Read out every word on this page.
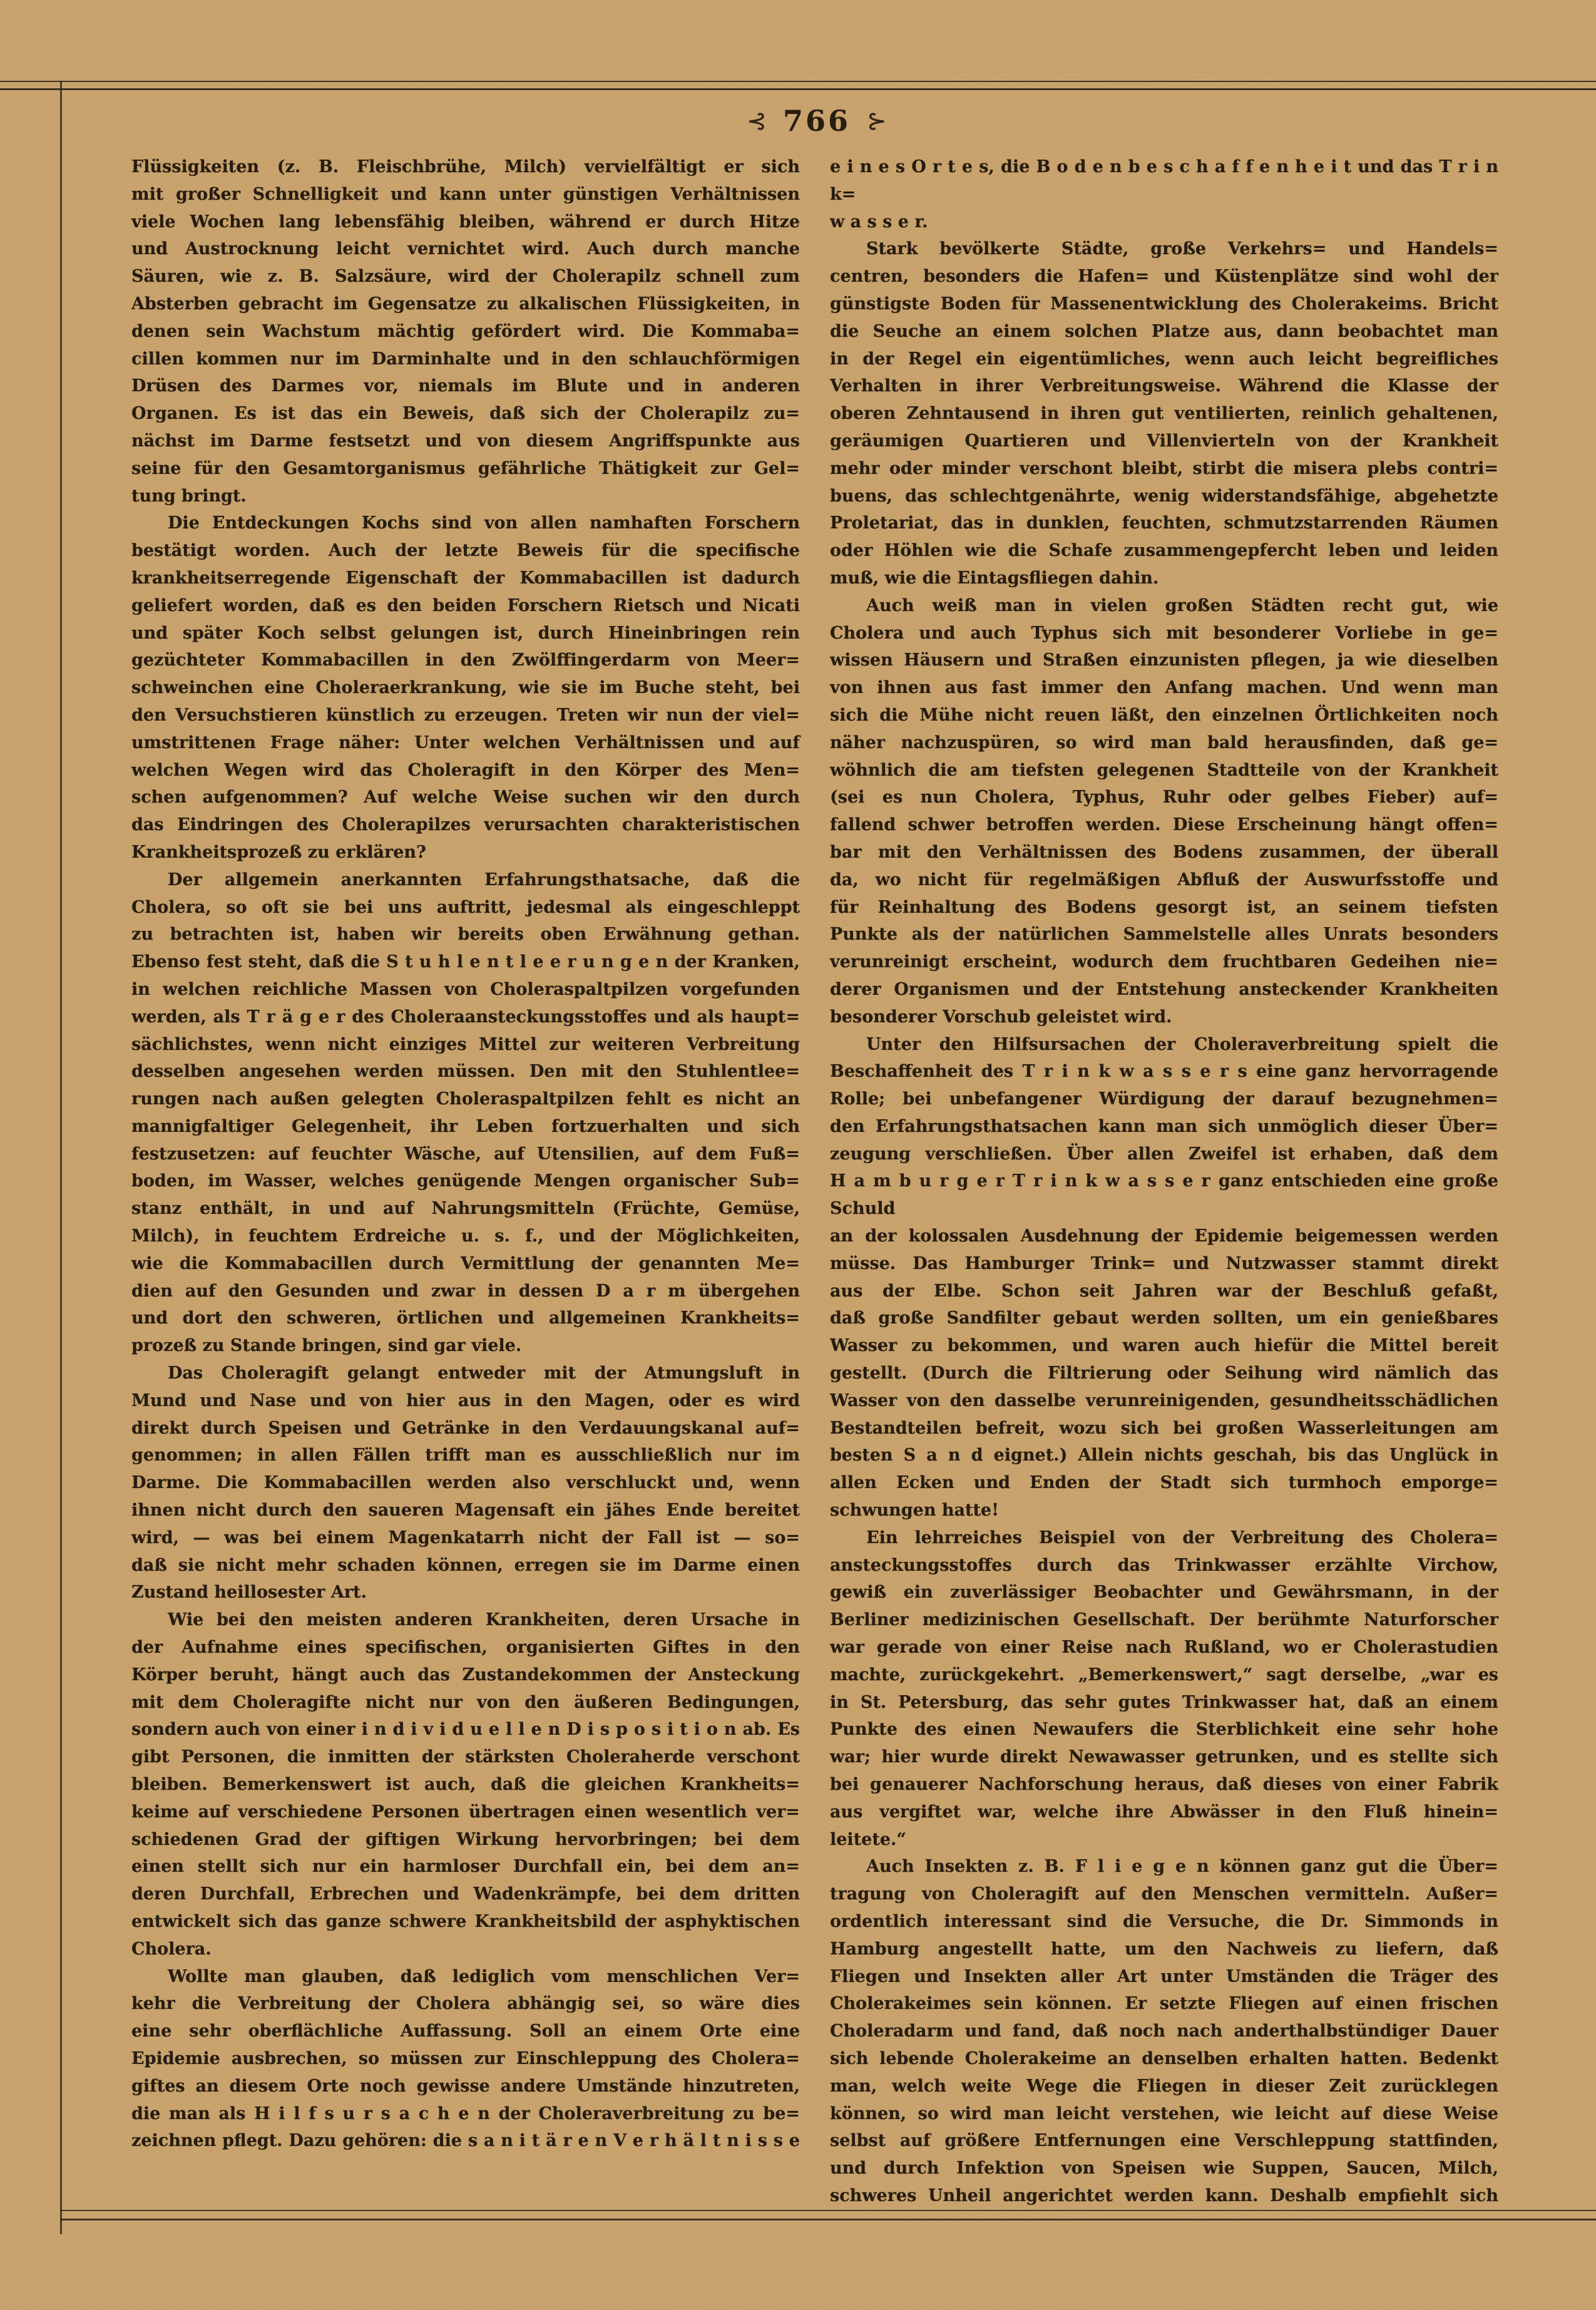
⊰ 766 ⊱
Flüssigkeiten (z. B. Fleischbrühe, Milch) vervielfältigt er sich
mit großer Schnelligkeit und kann unter günstigen Verhältnissen
viele Wochen lang lebensfähig bleiben, während er durch Hitze
und Austrocknung leicht vernichtet wird. Auch durch manche
Säuren, wie z. B. Salzsäure, wird der Cholerapilz schnell zum
Absterben gebracht im Gegensatze zu alkalischen Flüssigkeiten, in
denen sein Wachstum mächtig gefördert wird. Die Kommaba=
cillen kommen nur im Darminhalte und in den schlauchförmigen
Drüsen des Darmes vor, niemals im Blute und in anderen
Organen. Es ist das ein Beweis, daß sich der Cholerapilz zu=
nächst im Darme festsetzt und von diesem Angriffspunkte aus
seine für den Gesamtorganismus gefährliche Thätigkeit zur Gel=
tung bringt.
Die Entdeckungen Kochs sind von allen namhaften Forschern
bestätigt worden. Auch der letzte Beweis für die specifische
krankheitserregende Eigenschaft der Kommabacillen ist dadurch
geliefert worden, daß es den beiden Forschern Rietsch und Nicati
und später Koch selbst gelungen ist, durch Hineinbringen rein
gezüchteter Kommabacillen in den Zwölffingerdarm von Meer=
schweinchen eine Choleraerkrankung, wie sie im Buche steht, bei
den Versuchstieren künstlich zu erzeugen. Treten wir nun der viel=
umstrittenen Frage näher: Unter welchen Verhältnissen und auf
welchen Wegen wird das Choleragift in den Körper des Men=
schen aufgenommen? Auf welche Weise suchen wir den durch
das Eindringen des Cholerapilzes verursachten charakteristischen
Krankheitsprozeß zu erklären?
Der allgemein anerkannten Erfahrungsthatsache, daß die
Cholera, so oft sie bei uns auftritt, jedesmal als eingeschleppt
zu betrachten ist, haben wir bereits oben Erwähnung gethan.
Ebenso fest steht, daß die S t u h l e n t l e e r u n g e n der Kranken,
in welchen reichliche Massen von Choleraspaltpilzen vorgefunden
werden, als T r ä g e r des Choleraansteckungsstoffes und als haupt=
sächlichstes, wenn nicht einziges Mittel zur weiteren Verbreitung
desselben angesehen werden müssen. Den mit den Stuhlentlee=
rungen nach außen gelegten Choleraspaltpilzen fehlt es nicht an
mannigfaltiger Gelegenheit, ihr Leben fortzuerhalten und sich
festzusetzen: auf feuchter Wäsche, auf Utensilien, auf dem Fuß=
boden, im Wasser, welches genügende Mengen organischer Sub=
stanz enthält, in und auf Nahrungsmitteln (Früchte, Gemüse,
Milch), in feuchtem Erdreiche u. s. f., und der Möglichkeiten,
wie die Kommabacillen durch Vermittlung der genannten Me=
dien auf den Gesunden und zwar in dessen D a r m übergehen
und dort den schweren, örtlichen und allgemeinen Krankheits=
prozeß zu Stande bringen, sind gar viele.
Das Choleragift gelangt entweder mit der Atmungsluft in
Mund und Nase und von hier aus in den Magen, oder es wird
direkt durch Speisen und Getränke in den Verdauungskanal auf=
genommen; in allen Fällen trifft man es ausschließlich nur im
Darme. Die Kommabacillen werden also verschluckt und, wenn
ihnen nicht durch den saueren Magensaft ein jähes Ende bereitet
wird, — was bei einem Magenkatarrh nicht der Fall ist — so=
daß sie nicht mehr schaden können, erregen sie im Darme einen
Zustand heillosester Art.
Wie bei den meisten anderen Krankheiten, deren Ursache in
der Aufnahme eines specifischen, organisierten Giftes in den
Körper beruht, hängt auch das Zustandekommen der Ansteckung
mit dem Choleragifte nicht nur von den äußeren Bedingungen,
sondern auch von einer i n d i v i d u e l l e n D i s p o s i t i o n ab. Es
gibt Personen, die inmitten der stärksten Choleraherde verschont
bleiben. Bemerkenswert ist auch, daß die gleichen Krankheits=
keime auf verschiedene Personen übertragen einen wesentlich ver=
schiedenen Grad der giftigen Wirkung hervorbringen; bei dem
einen stellt sich nur ein harmloser Durchfall ein, bei dem an=
deren Durchfall, Erbrechen und Wadenkrämpfe, bei dem dritten
entwickelt sich das ganze schwere Krankheitsbild der asphyktischen
Cholera.
Wollte man glauben, daß lediglich vom menschlichen Ver=
kehr die Verbreitung der Cholera abhängig sei, so wäre dies
eine sehr oberflächliche Auffassung. Soll an einem Orte eine
Epidemie ausbrechen, so müssen zur Einschleppung des Cholera=
giftes an diesem Orte noch gewisse andere Umstände hinzutreten,
die man als H i l f s u r s a c h e n der Choleraverbreitung zu be=
zeichnen pflegt. Dazu gehören: die s a n i t ä r e n V e r h ä l t n i s s e
e i n e s O r t e s, die B o d e n b e s c h a f f e n h e i t und das T r i n k=
w a s s e r.
Stark bevölkerte Städte, große Verkehrs= und Handels=
centren, besonders die Hafen= und Küstenplätze sind wohl der
günstigste Boden für Massenentwicklung des Cholerakeims. Bricht
die Seuche an einem solchen Platze aus, dann beobachtet man
in der Regel ein eigentümliches, wenn auch leicht begreifliches
Verhalten in ihrer Verbreitungsweise. Während die Klasse der
oberen Zehntausend in ihren gut ventilierten, reinlich gehaltenen,
geräumigen Quartieren und Villenvierteln von der Krankheit
mehr oder minder verschont bleibt, stirbt die misera plebs contri=
buens, das schlechtgenährte, wenig widerstandsfähige, abgehetzte
Proletariat, das in dunklen, feuchten, schmutzstarrenden Räumen
oder Höhlen wie die Schafe zusammengepfercht leben und leiden
muß, wie die Eintagsfliegen dahin.
Auch weiß man in vielen großen Städten recht gut, wie
Cholera und auch Typhus sich mit besonderer Vorliebe in ge=
wissen Häusern und Straßen einzunisten pflegen, ja wie dieselben
von ihnen aus fast immer den Anfang machen. Und wenn man
sich die Mühe nicht reuen läßt, den einzelnen Örtlichkeiten noch
näher nachzuspüren, so wird man bald herausfinden, daß ge=
wöhnlich die am tiefsten gelegenen Stadtteile von der Krankheit
(sei es nun Cholera, Typhus, Ruhr oder gelbes Fieber) auf=
fallend schwer betroffen werden. Diese Erscheinung hängt offen=
bar mit den Verhältnissen des Bodens zusammen, der überall
da, wo nicht für regelmäßigen Abfluß der Auswurfsstoffe und
für Reinhaltung des Bodens gesorgt ist, an seinem tiefsten
Punkte als der natürlichen Sammelstelle alles Unrats besonders
verunreinigt erscheint, wodurch dem fruchtbaren Gedeihen nie=
derer Organismen und der Entstehung ansteckender Krankheiten
besonderer Vorschub geleistet wird.
Unter den Hilfsursachen der Choleraverbreitung spielt die
Beschaffenheit des T r i n k w a s s e r s eine ganz hervorragende
Rolle; bei unbefangener Würdigung der darauf bezugnehmen=
den Erfahrungsthatsachen kann man sich unmöglich dieser Über=
zeugung verschließen. Über allen Zweifel ist erhaben, daß dem
H a m b u r g e r T r i n k w a s s e r ganz entschieden eine große Schuld
an der kolossalen Ausdehnung der Epidemie beigemessen werden
müsse. Das Hamburger Trink= und Nutzwasser stammt direkt
aus der Elbe. Schon seit Jahren war der Beschluß gefaßt,
daß große Sandfilter gebaut werden sollten, um ein genießbares
Wasser zu bekommen, und waren auch hiefür die Mittel bereit
gestellt. (Durch die Filtrierung oder Seihung wird nämlich das
Wasser von den dasselbe verunreinigenden, gesundheitsschädlichen
Bestandteilen befreit, wozu sich bei großen Wasserleitungen am
besten S a n d eignet.) Allein nichts geschah, bis das Unglück in
allen Ecken und Enden der Stadt sich turmhoch emporge=
schwungen hatte!
Ein lehrreiches Beispiel von der Verbreitung des Cholera=
ansteckungsstoffes durch das Trinkwasser erzählte Virchow,
gewiß ein zuverlässiger Beobachter und Gewährsmann, in der
Berliner medizinischen Gesellschaft. Der berühmte Naturforscher
war gerade von einer Reise nach Rußland, wo er Cholerastudien
machte, zurückgekehrt. „Bemerkenswert,“ sagt derselbe, „war es
in St. Petersburg, das sehr gutes Trinkwasser hat, daß an einem
Punkte des einen Newaufers die Sterblichkeit eine sehr hohe
war; hier wurde direkt Newawasser getrunken, und es stellte sich
bei genauerer Nachforschung heraus, daß dieses von einer Fabrik
aus vergiftet war, welche ihre Abwässer in den Fluß hinein=
leitete.“
Auch Insekten z. B. F l i e g e n können ganz gut die Über=
tragung von Choleragift auf den Menschen vermitteln. Außer=
ordentlich interessant sind die Versuche, die Dr. Simmonds in
Hamburg angestellt hatte, um den Nachweis zu liefern, daß
Fliegen und Insekten aller Art unter Umständen die Träger des
Cholerakeimes sein können. Er setzte Fliegen auf einen frischen
Choleradarm und fand, daß noch nach anderthalbstündiger Dauer
sich lebende Cholerakeime an denselben erhalten hatten. Bedenkt
man, welch weite Wege die Fliegen in dieser Zeit zurücklegen
können, so wird man leicht verstehen, wie leicht auf diese Weise
selbst auf größere Entfernungen eine Verschleppung stattfinden,
und durch Infektion von Speisen wie Suppen, Saucen, Milch,
schweres Unheil angerichtet werden kann. Deshalb empfiehlt sich
